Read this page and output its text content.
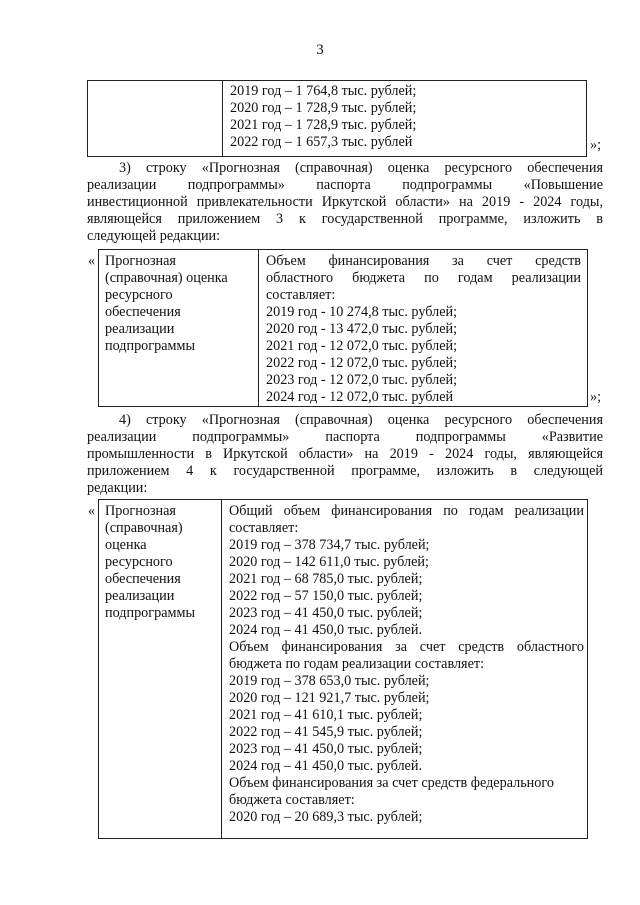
3
2019 год – 1 764,8 тыс. рублей;
2020 год – 1 728,9 тыс. рублей;
2021 год – 1 728,9 тыс. рублей;
2022 год – 1 657,3 тыс. рублей	»;
3) строку «Прогнозная (справочная) оценка ресурсного обеспечения
реализации подпрограммы» паспорта подпрограммы «Повышение
инвестиционной привлекательности Иркутской области» на 2019 - 2024 годы,
являющейся приложением 3 к государственной программе, изложить в
следующей редакции:
« Прогнозная
(справочная) оценка
ресурсного
обеспечения
реализации
подпрограммы
Объем финансирования за счет средств
областного бюджета по годам реализации
составляет:
2019 год - 10 274,8 тыс. рублей;
2020 год - 13 472,0 тыс. рублей;
2021 год - 12 072,0 тыс. рублей;
2022 год - 12 072,0 тыс. рублей;
2023 год - 12 072,0 тыс. рублей;
2024 год - 12 072,0 тыс. рублей	»;
4) строку «Прогнозная (справочная) оценка ресурсного обеспечения
реализации подпрограммы» паспорта подпрограммы «Развитие
промышленности в Иркутской области» на 2019 - 2024 годы, являющейся
приложением 4 к государственной программе, изложить в следующей
редакции:
« Прогнозная
(справочная)
оценка
ресурсного
обеспечения
реализации
подпрограммы
Общий объем финансирования по годам реализации
составляет:
2019 год – 378 734,7 тыс. рублей;
2020 год – 142 611,0 тыс. рублей;
2021 год – 68 785,0 тыс. рублей;
2022 год – 57 150,0 тыс. рублей;
2023 год – 41 450,0 тыс. рублей;
2024 год – 41 450,0 тыс. рублей.
Объем финансирования за счет средств областного
бюджета по годам реализации составляет:
2019 год – 378 653,0 тыс. рублей;
2020 год – 121 921,7 тыс. рублей;
2021 год – 41 610,1 тыс. рублей;
2022 год – 41 545,9 тыс. рублей;
2023 год – 41 450,0 тыс. рублей;
2024 год – 41 450,0 тыс. рублей.
Объем финансирования за счет средств федерального
бюджета составляет:
2020 год – 20 689,3 тыс. рублей;
